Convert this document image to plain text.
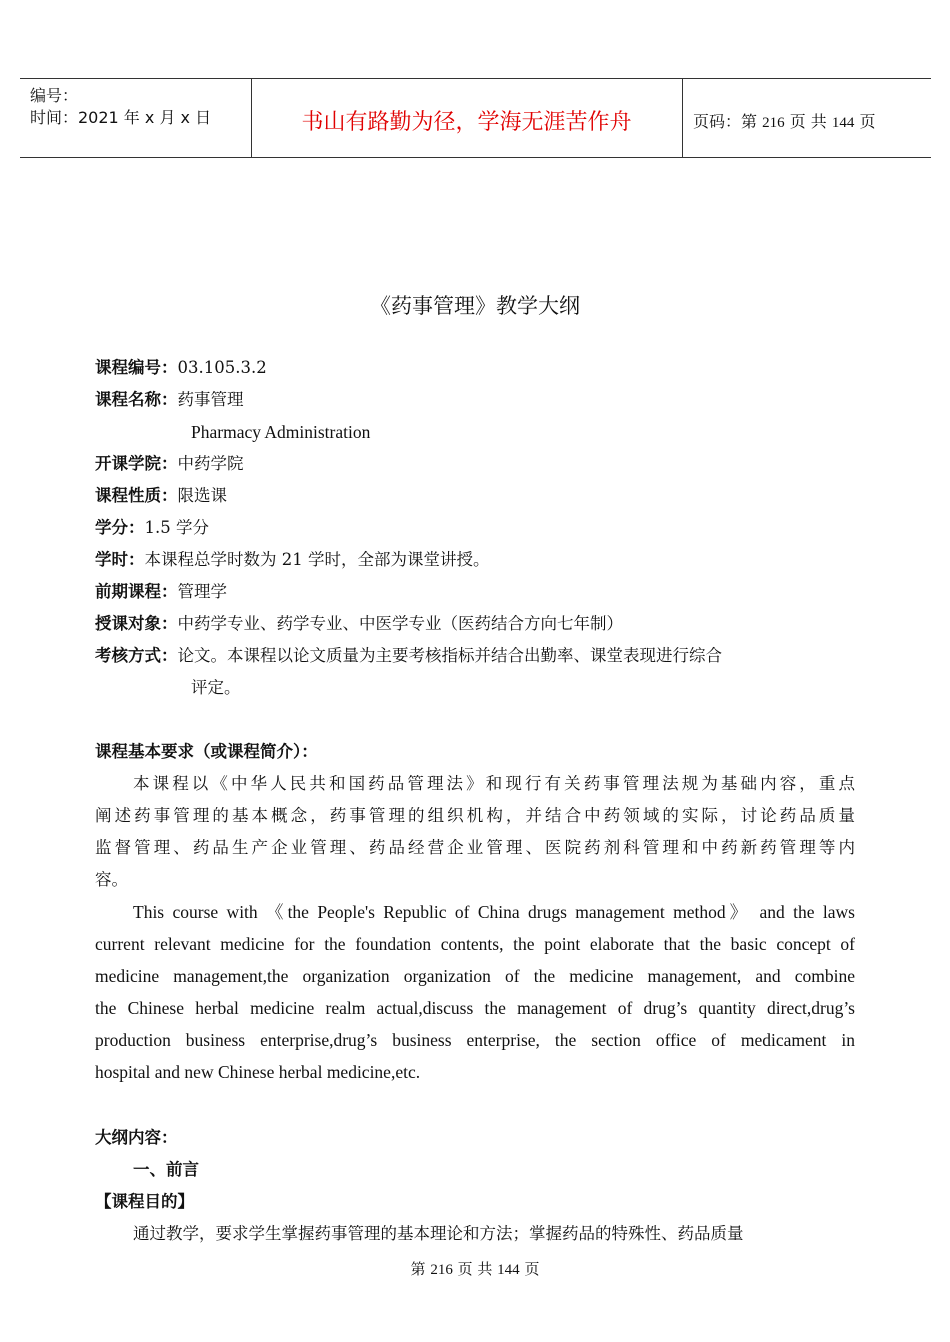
编号：
时间：2021 年 x 月 x 日	书山有路勤为径，学海无涯苦作舟	页码：第 216 页 共 144 页
《药事管理》教学大纲
课程编号：03.105.3.2
课程名称：药事管理
Pharmacy Administration
开课学院：中药学院
课程性质：限选课
学分：1.5 学分
学时：本课程总学时数为 21 学时，全部为课堂讲授。
前期课程：管理学
授课对象：中药学专业、药学专业、中医学专业（医药结合方向七年制）
考核方式：论文。本课程以论文质量为主要考核指标并结合出勤率、课堂表现进行综合
评定。
课程基本要求（或课程简介）：
本课程以《中华人民共和国药品管理法》和现行有关药事管理法规为基础内容，重点
阐述药事管理的基本概念，药事管理的组织机构，并结合中药领域的实际，讨论药品质量
监督管理、药品生产企业管理、药品经营企业管理、医院药剂科管理和中药新药管理等内
容。
This course with 《the People's Republic of China drugs management method》 and the laws
current relevant medicine for the foundation contents, the point elaborate that the basic concept of
medicine management,the organization organization of the medicine management, and combine
the Chinese herbal medicine realm actual,discuss the management of drug’s quantity direct,drug’s
production business enterprise,drug’s business enterprise, the section office of medicament in
hospital and new Chinese herbal medicine,etc.
大纲内容：
一、前言
【课程目的】
通过教学，要求学生掌握药事管理的基本理论和方法；掌握药品的特殊性、药品质量
第 216 页 共 144 页
